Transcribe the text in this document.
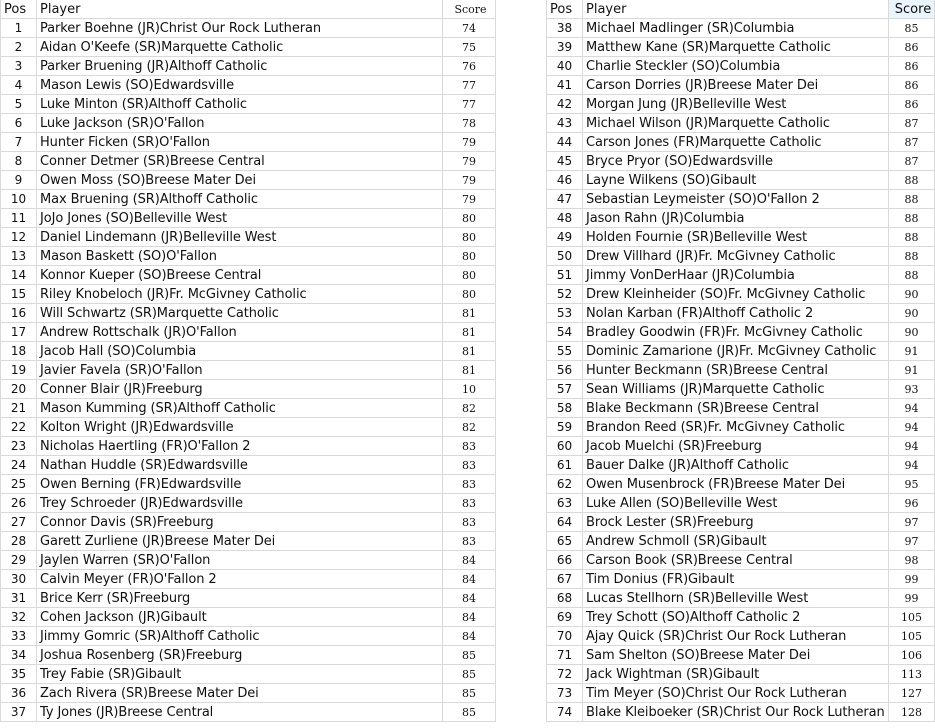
Pos	Player	Score
1	Parker Boehne (JR)Christ Our Rock Lutheran	74
2	Aidan O'Keefe (SR)Marquette Catholic	75
3	Parker Bruening (JR)Althoff Catholic	76
4	Mason Lewis (SO)Edwardsville	77
5	Luke Minton (SR)Althoff Catholic	77
6	Luke Jackson (SR)O'Fallon	78
7	Hunter Ficken (SR)O'Fallon	79
8	Conner Detmer (SR)Breese Central	79
9	Owen Moss (SO)Breese Mater Dei	79
10	Max Bruening (SR)Althoff Catholic	79
11	JoJo Jones (SO)Belleville West	80
12	Daniel Lindemann (JR)Belleville West	80
13	Mason Baskett (SO)O'Fallon	80
14	Konnor Kueper (SO)Breese Central	80
15	Riley Knobeloch (JR)Fr. McGivney Catholic	80
16	Will Schwartz (SR)Marquette Catholic	81
17	Andrew Rottschalk (JR)O'Fallon	81
18	Jacob Hall (SO)Columbia	81
19	Javier Favela (SR)O'Fallon	81
20	Conner Blair (JR)Freeburg	10
21	Mason Kumming (SR)Althoff Catholic	82
22	Kolton Wright (JR)Edwardsville	82
23	Nicholas Haertling (FR)O'Fallon 2	83
24	Nathan Huddle (SR)Edwardsville	83
25	Owen Berning (FR)Edwardsville	83
26	Trey Schroeder (JR)Edwardsville	83
27	Connor Davis (SR)Freeburg	83
28	Garett Zurliene (JR)Breese Mater Dei	83
29	Jaylen Warren (SR)O'Fallon	84
30	Calvin Meyer (FR)O'Fallon 2	84
31	Brice Kerr (SR)Freeburg	84
32	Cohen Jackson (JR)Gibault	84
33	Jimmy Gomric (SR)Althoff Catholic	84
34	Joshua Rosenberg (SR)Freeburg	85
35	Trey Fabie (SR)Gibault	85
36	Zach Rivera (SR)Breese Mater Dei	85
37	Ty Jones (JR)Breese Central	85
Pos	Player	Score
38	Michael Madlinger (SR)Columbia	85
39	Matthew Kane (SR)Marquette Catholic	86
40	Charlie Steckler (SO)Columbia	86
41	Carson Dorries (JR)Breese Mater Dei	86
42	Morgan Jung (JR)Belleville West	86
43	Michael Wilson (JR)Marquette Catholic	87
44	Carson Jones (FR)Marquette Catholic	87
45	Bryce Pryor (SO)Edwardsville	87
46	Layne Wilkens (SO)Gibault	88
47	Sebastian Leymeister (SO)O'Fallon 2	88
48	Jason Rahn (JR)Columbia	88
49	Holden Fournie (SR)Belleville West	88
50	Drew Villhard (JR)Fr. McGivney Catholic	88
51	Jimmy VonDerHaar (JR)Columbia	88
52	Drew Kleinheider (SO)Fr. McGivney Catholic	90
53	Nolan Karban (FR)Althoff Catholic 2	90
54	Bradley Goodwin (FR)Fr. McGivney Catholic	90
55	Dominic Zamarione (JR)Fr. McGivney Catholic	91
56	Hunter Beckmann (SR)Breese Central	91
57	Sean Williams (JR)Marquette Catholic	93
58	Blake Beckmann (SR)Breese Central	94
59	Brandon Reed (SR)Fr. McGivney Catholic	94
60	Jacob Muelchi (SR)Freeburg	94
61	Bauer Dalke (JR)Althoff Catholic	94
62	Owen Musenbrock (FR)Breese Mater Dei	95
63	Luke Allen (SO)Belleville West	96
64	Brock Lester (SR)Freeburg	97
65	Andrew Schmoll (SR)Gibault	97
66	Carson Book (SR)Breese Central	98
67	Tim Donius (FR)Gibault	99
68	Lucas Stellhorn (SR)Belleville West	99
69	Trey Schott (SO)Althoff Catholic 2	105
70	Ajay Quick (SR)Christ Our Rock Lutheran	105
71	Sam Shelton (SO)Breese Mater Dei	106
72	Jack Wightman (SR)Gibault	113
73	Tim Meyer (SO)Christ Our Rock Lutheran	127
74	Blake Kleiboeker (SR)Christ Our Rock Lutheran	128
